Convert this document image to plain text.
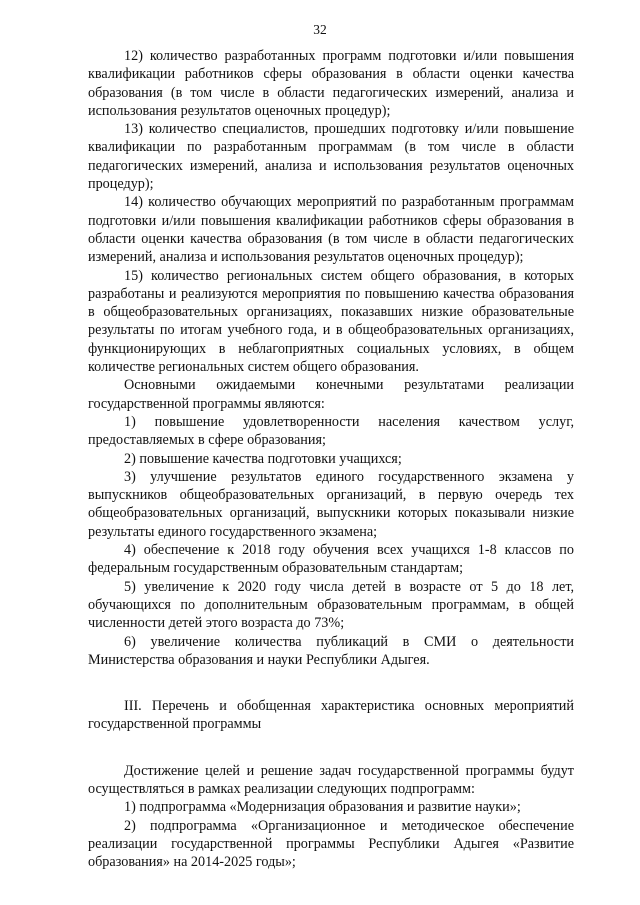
32

12) количество разработанных программ подготовки и/или повышения квалификации работников сферы образования в области оценки качества образования (в том числе в области педагогических измерений, анализа и использования результатов оценочных процедур);

13) количество специалистов, прошедших подготовку и/или повышение квалификации по разработанным программам (в том числе в области педагогических измерений, анализа и использования результатов оценочных процедур);

14) количество обучающих мероприятий по разработанным программам подготовки и/или повышения квалификации работников сферы образования в области оценки качества образования (в том числе в области педагогических измерений, анализа и использования результатов оценочных процедур);

15) количество региональных систем общего образования, в которых разработаны и реализуются мероприятия по повышению качества образования в общеобразовательных организациях, показавших низкие образовательные результаты по итогам учебного года, и в общеобразовательных организациях, функционирующих в неблагоприятных социальных условиях, в общем количестве региональных систем общего образования.

Основными ожидаемыми конечными результатами реализации государственной программы являются:

1) повышение удовлетворенности населения качеством услуг, предоставляемых в сфере образования;

2) повышение качества подготовки учащихся;

3) улучшение результатов единого государственного экзамена у выпускников общеобразовательных организаций, в первую очередь тех общеобразовательных организаций, выпускники которых показывали низкие результаты единого государственного экзамена;

4) обеспечение к 2018 году обучения всех учащихся 1-8 классов по федеральным государственным образовательным стандартам;

5) увеличение к 2020 году числа детей в возрасте от 5 до 18 лет, обучающихся по дополнительным образовательным программам, в общей численности детей этого возраста до 73%;

6) увеличение количества публикаций в СМИ о деятельности Министерства образования и науки Республики Адыгея.

III. Перечень и обобщенная характеристика основных мероприятий государственной программы

Достижение целей и решение задач государственной программы будут осуществляться в рамках реализации следующих подпрограмм:

1) подпрограмма «Модернизация образования и развитие науки»;

2) подпрограмма «Организационное и методическое обеспечение реализации государственной программы Республики Адыгея «Развитие образования» на 2014-2025 годы»;
